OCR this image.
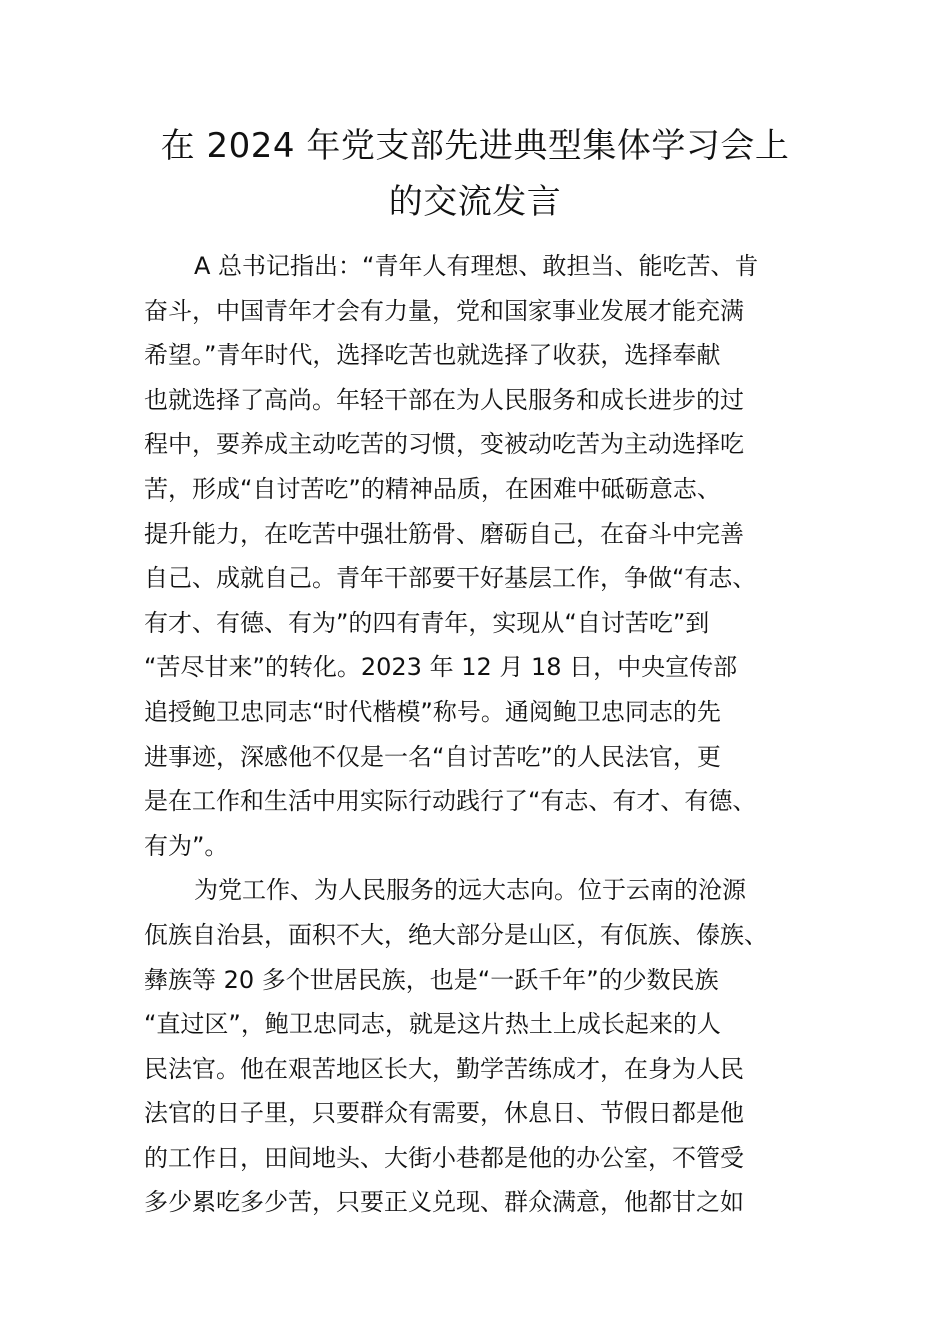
在 2024 年党支部先进典型集体学习会上
的交流发言

A 总书记指出：“青年人有理想、敢担当、能吃苦、肯
奋斗，中国青年才会有力量，党和国家事业发展才能充满
希望。”青年时代，选择吃苦也就选择了收获，选择奉献
也就选择了高尚。年轻干部在为人民服务和成长进步的过
程中，要养成主动吃苦的习惯，变被动吃苦为主动选择吃
苦，形成“自讨苦吃”的精神品质，在困难中砥砺意志、
提升能力，在吃苦中强壮筋骨、磨砺自己，在奋斗中完善
自己、成就自己。青年干部要干好基层工作，争做“有志、
有才、有德、有为”的四有青年，实现从“自讨苦吃”到
“苦尽甘来”的转化。2023 年 12 月 18 日，中央宣传部
追授鲍卫忠同志“时代楷模”称号。通阅鲍卫忠同志的先
进事迹，深感他不仅是一名“自讨苦吃”的人民法官，更
是在工作和生活中用实际行动践行了“有志、有才、有德、
有为”。

为党工作、为人民服务的远大志向。位于云南的沧源
佤族自治县，面积不大，绝大部分是山区，有佤族、傣族、
彝族等 20 多个世居民族，也是“一跃千年”的少数民族
“直过区”，鲍卫忠同志，就是这片热土上成长起来的人
民法官。他在艰苦地区长大，勤学苦练成才，在身为人民
法官的日子里，只要群众有需要，休息日、节假日都是他
的工作日，田间地头、大街小巷都是他的办公室，不管受
多少累吃多少苦，只要正义兑现、群众满意，他都甘之如
